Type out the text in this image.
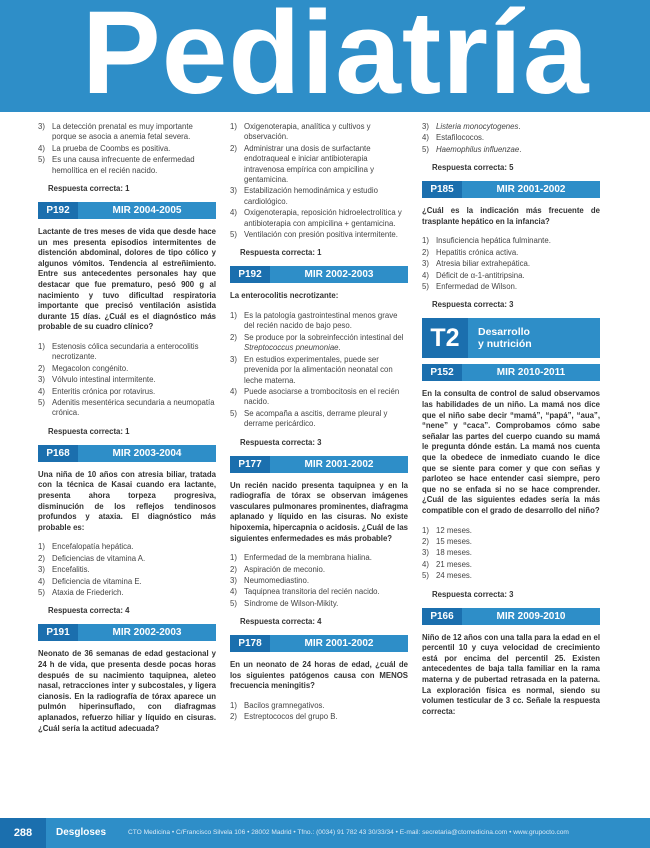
Pediatría
3) La detección prenatal es muy importante porque se asocia a anemia fetal severa.
4) La prueba de Coombs es positiva.
5) Es una causa infrecuente de enfermedad hemolítica en el recién nacido.
Respuesta correcta: 1
P192	MIR 2004-2005

Lactante de tres meses de vida que desde hace un mes presenta episodios intermitentes de distención abdominal, dolores de tipo cólico y algunos vómitos. Tendencia al estreñimiento. Entre sus antecedentes personales hay que destacar que fue prematuro, pesó 900 g al nacimiento y tuvo dificultad respiratoria importante que precisó ventilación asistida durante 15 días. ¿Cuál es el diagnóstico más probable de su cuadro clínico?

1) Estenosis cólica secundaria a enterocolitis necrotizante.
2) Megacolon congénito.
3) Vólvulo intestinal intermitente.
4) Enteritis crónica por rotavirus.
5) Adenitis mesentérica secundaria a neumopatía crónica.
Respuesta correcta: 1
P168	MIR 2003-2004

Una niña de 10 años con atresia biliar, tratada con la técnica de Kasai cuando era lactante, presenta ahora torpeza progresiva, disminución de los reflejos tendinosos profundos y ataxia. El diagnóstico más probable es:

1) Encefalopatía hepática.
2) Deficiencias de vitamina A.
3) Encefalitis.
4) Deficiencia de vitamina E.
5) Ataxia de Friederich.
Respuesta correcta: 4
P191	MIR 2002-2003

Neonato de 36 semanas de edad gestacional y 24 h de vida, que presenta desde pocas horas después de su nacimiento taquipnea, aleteo nasal, retracciones inter y subcostales, y ligera cianosis. En la radiografía de tórax aparece un pulmón hiperinsuflado, con diafragmas aplanados, refuerzo hiliar y líquido en cisuras. ¿Cuál sería la actitud adecuada?

1) Oxigenoterapia, analítica y cultivos y observación.
2) Administrar una dosis de surfactante endotraqueal e iniciar antibioterapia intravenosa empírica con ampicilina y gentamicina.
3) Estabilización hemodinámica y estudio cardiológico.
4) Oxigenoterapia, reposición hidroelectrolítica y antibioterapia con ampicilina + gentamicina.
5) Ventilación con presión positiva intermitente.
Respuesta correcta: 1
P192	MIR 2002-2003

La enterocolitis necrotizante:

1) Es la patología gastrointestinal menos grave del recién nacido de bajo peso.
2) Se produce por la sobreinfección intestinal del Streptococcus pneumoniae.
3) En estudios experimentales, puede ser prevenida por la alimentación neonatal con leche materna.
4) Puede asociarse a trombocitosis en el recién nacido.
5) Se acompaña a ascitis, derrame pleural y derrame pericárdico.
Respuesta correcta: 3
P177	MIR 2001-2002

Un recién nacido presenta taquipnea y en la radiografía de tórax se observan imágenes vasculares pulmonares prominentes, diafragma aplanado y líquido en las cisuras. No existe hipoxemia, hipercapnia o acidosis. ¿Cuál de las siguientes enfermedades es más probable?

1) Enfermedad de la membrana hialina.
2) Aspiración de meconio.
3) Neumomediastino.
4) Taquipnea transitoria del recién nacido.
5) Síndrome de Wilson-Mikity.
Respuesta correcta: 4
P178	MIR 2001-2002

En un neonato de 24 horas de edad, ¿cuál de los siguientes patógenos causa con MENOS frecuencia meningitis?

1) Bacilos gramnegativos.
2) Estreptococos del grupo B.
3) Listeria monocytogenes.
4) Estafilococos.
5) Haemophilus influenzae.
Respuesta correcta: 5
P185	MIR 2001-2002

¿Cuál es la indicación más frecuente de trasplante hepático en la infancia?

1) Insuficiencia hepática fulminante.
2) Hepatitis crónica activa.
3) Atresia biliar extrahepática.
4) Déficit de α-1-antitripsina.
5) Enfermedad de Wilson.
Respuesta correcta: 3
T2	Desarrollo
y nutrición
P152	MIR 2010-2011

En la consulta de control de salud observamos las habilidades de un niño. La mamá nos dice que el niño sabe decir “mamá”, “papá”, “aua”, “nene” y “caca”. Comprobamos cómo sabe señalar las partes del cuerpo cuando su mamá le pregunta dónde están. La mamá nos cuenta que la obedece de inmediato cuando le dice que se siente para comer y que con señas y parloteo se hace entender casi siempre, pero que no se enfada si no se hace comprender. ¿Cuál de las siguientes edades sería la más compatible con el grado de desarrollo del niño?

1) 12 meses.
2) 15 meses.
3) 18 meses.
4) 21 meses.
5) 24 meses.
Respuesta correcta: 3
P166	MIR 2009-2010

Niño de 12 años con una talla para la edad en el percentil 10 y cuya velocidad de crecimiento está por encima del percentil 25. Existen antecedentes de baja talla familiar en la rama materna y de pubertad retrasada en la paterna. La exploración física es normal, siendo su volumen testicular de 3 cc. Señale la respuesta correcta:

288	Desgloses	CTO Medicina • C/Francisco Silvela 106 • 28002 Madrid • Tfno.: (0034) 91 782 43 30/33/34 • E-mail: secretaria@ctomedicina.com • www.grupocto.com
